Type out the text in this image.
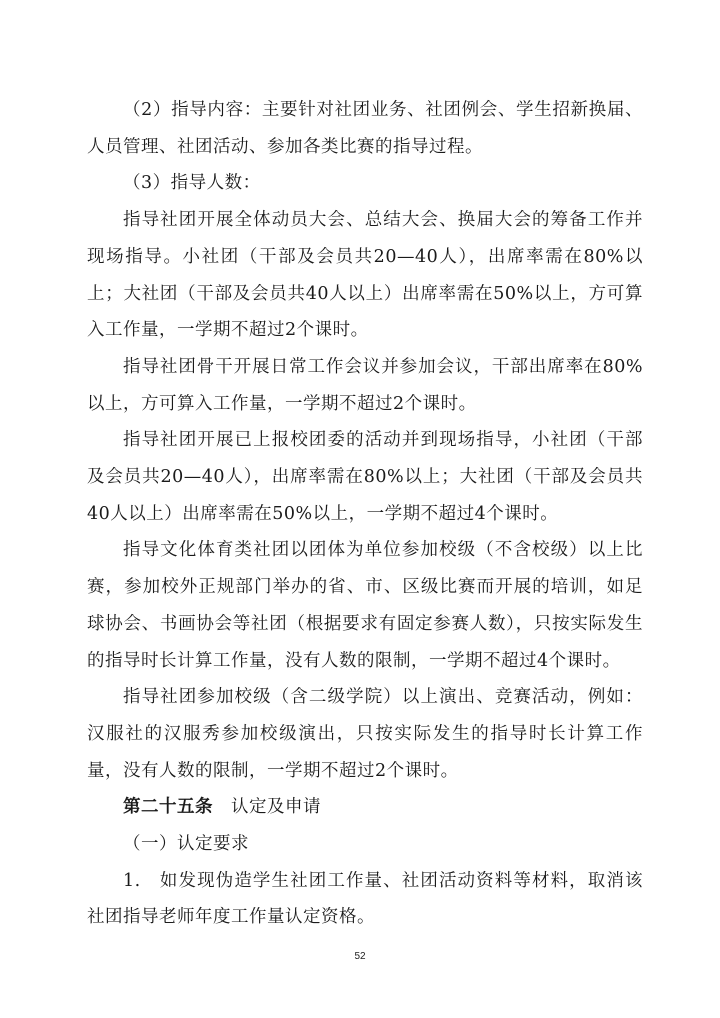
（2）指导内容：主要针对社团业务、社团例会、学生招新换届、人员管理、社团活动、参加各类比赛的指导过程。

（3）指导人数：

指导社团开展全体动员大会、总结大会、换届大会的筹备工作并现场指导。小社团（干部及会员共20—40人），出席率需在80%以上；大社团（干部及会员共40人以上）出席率需在50%以上，方可算入工作量，一学期不超过2个课时。

指导社团骨干开展日常工作会议并参加会议，干部出席率在80%以上，方可算入工作量，一学期不超过2个课时。

指导社团开展已上报校团委的活动并到现场指导，小社团（干部及会员共20—40人），出席率需在80%以上；大社团（干部及会员共40人以上）出席率需在50%以上，一学期不超过4个课时。

指导文化体育类社团以团体为单位参加校级（不含校级）以上比赛，参加校外正规部门举办的省、市、区级比赛而开展的培训，如足球协会、书画协会等社团（根据要求有固定参赛人数），只按实际发生的指导时长计算工作量，没有人数的限制，一学期不超过4个课时。

指导社团参加校级（含二级学院）以上演出、竞赛活动，例如：汉服社的汉服秀参加校级演出，只按实际发生的指导时长计算工作量，没有人数的限制，一学期不超过2个课时。

第二十五条　 认定及申请

（一）认定要求

1.　如发现伪造学生社团工作量、社团活动资料等材料，取消该社团指导老师年度工作量认定资格。

52
